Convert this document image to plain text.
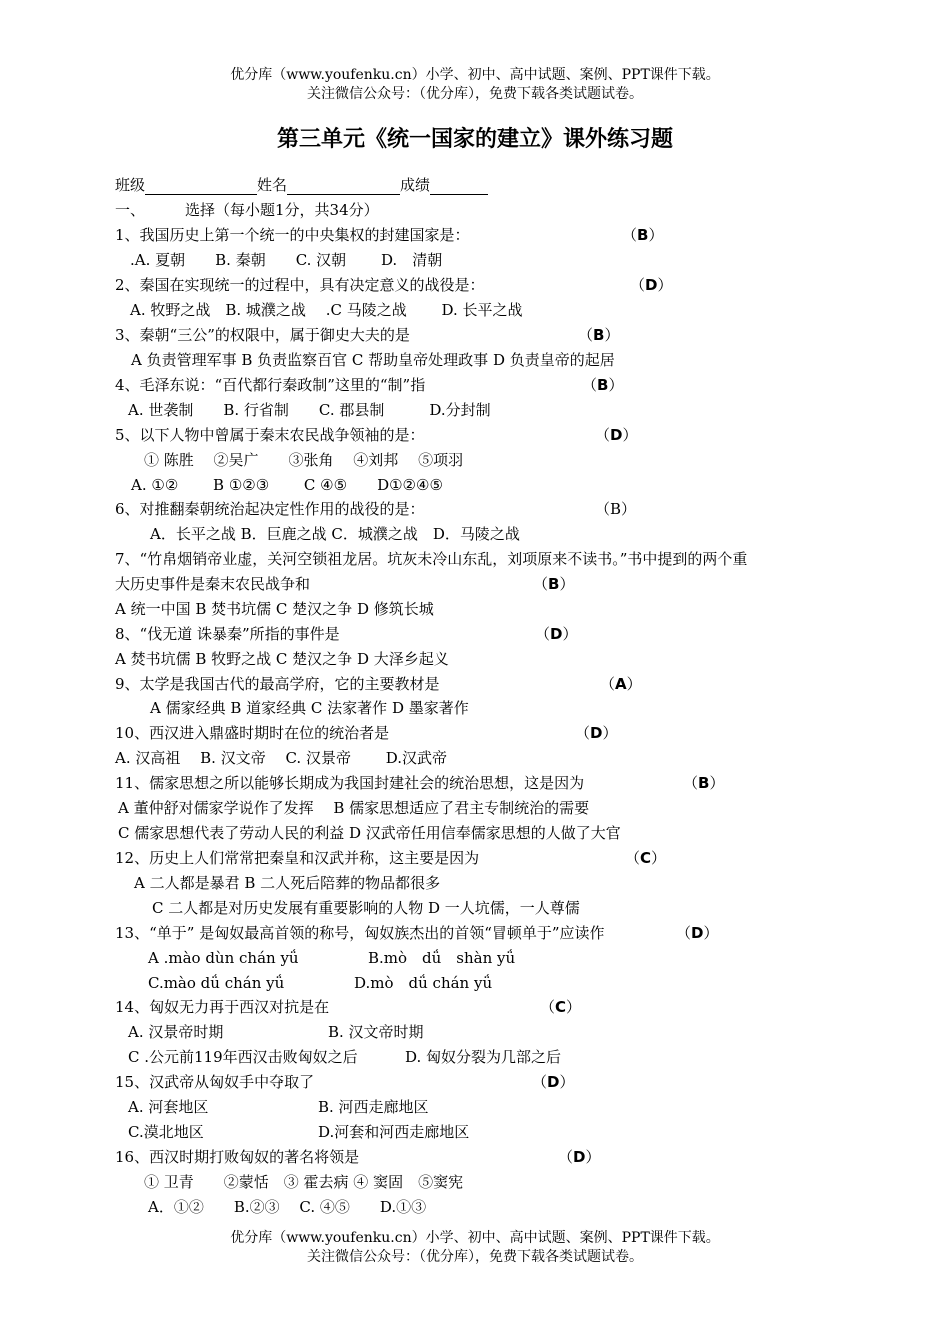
优分库（www.youfenku.cn）小学、初中、高中试题、案例、PPT课件下载。
关注微信公众号：（优分库），免费下载各类试题试卷。
第三单元《统一国家的建立》课外练习题
班级	姓名	成绩
一、	选择（每小题1分，共34分）
1、我国历史上第一个统一的中央集权的封建国家是：
.A. 夏朝　　B. 秦朝　　C. 汉朝　　 D.　清朝
2、秦国在实现统一的过程中，具有决定意义的战役是：
A. 牧野之战　B. 城濮之战　 .C 马陵之战　　 D. 长平之战
3、秦朝“三公”的权限中，属于御史大夫的是
A 负责管理军事 B 负责监察百官 C 帮助皇帝处理政事 D 负责皇帝的起居
4、毛泽东说：“百代都行秦政制”这里的“制”指
A. 世袭制　　B. 行省制　　C. 郡县制　　　D.分封制
5、以下人物中曾属于秦末农民战争领袖的是：
① 陈胜　 ②吴广　　③张角　 ④刘邦　 ⑤项羽
A. ①②　　 B ①②③　　 C ④⑤　　D①②④⑤
6、对推翻秦朝统治起决定性作用的战役的是：
A．长平之战 B．巨鹿之战 C．城濮之战　D．马陵之战
7、“竹帛烟销帝业虚，关河空锁祖龙居。坑灰未冷山东乱，刘项原来不读书。”书中提到的两个重
大历史事件是秦末农民战争和
A 统一中国 B 焚书坑儒 C 楚汉之争 D 修筑长城
8、“伐无道 诛暴秦”所指的事件是
A 焚书坑儒 B 牧野之战 C 楚汉之争 D 大泽乡起义
9、太学是我国古代的最高学府，它的主要教材是
A 儒家经典 B 道家经典 C 法家著作 D 墨家著作
10、西汉进入鼎盛时期时在位的统治者是
A. 汉高祖　 B. 汉文帝　 C. 汉景帝　　 D.汉武帝
11、儒家思想之所以能够长期成为我国封建社会的统治思想，这是因为
A 董仲舒对儒家学说作了发挥　 B 儒家思想适应了君主专制统治的需要
C 儒家思想代表了劳动人民的利益 D 汉武帝任用信奉儒家思想的人做了大官
12、历史上人们常常把秦皇和汉武并称，这主要是因为
A 二人都是暴君 B 二人死后陪葬的物品都很多
C 二人都是对历史发展有重要影响的人物 D 一人坑儒，一人尊儒
13、“单于” 是匈奴最高首领的称号，匈奴族杰出的首领“冒顿单于”应读作
A .mào dùn chán yǘ	B.mò　dǘ　shàn yǘ
C.mào dǘ chán yǘ	D.mò　dǘ chán yǘ
14、匈奴无力再于西汉对抗是在
A. 汉景帝时期	B. 汉文帝时期
C .公元前119年西汉击败匈奴之后	D. 匈奴分裂为几部之后
15、汉武帝从匈奴手中夺取了
A. 河套地区	B. 河西走廊地区
C.漠北地区	D.河套和河西走廊地区
16、西汉时期打败匈奴的著名将领是
① 卫青　　②蒙恬　③ 霍去病 ④ 窦固　⑤窦宪
A．①②　　B.②③　 C. ④⑤　　D.①③
（B）
（D）
（B）
（B）
（D）
（B）
（B）
（D）
（A）
（D）
（B）
（C）
（D）
（C）
（D）
（D）
优分库（www.youfenku.cn）小学、初中、高中试题、案例、PPT课件下载。
关注微信公众号：（优分库），免费下载各类试题试卷。
